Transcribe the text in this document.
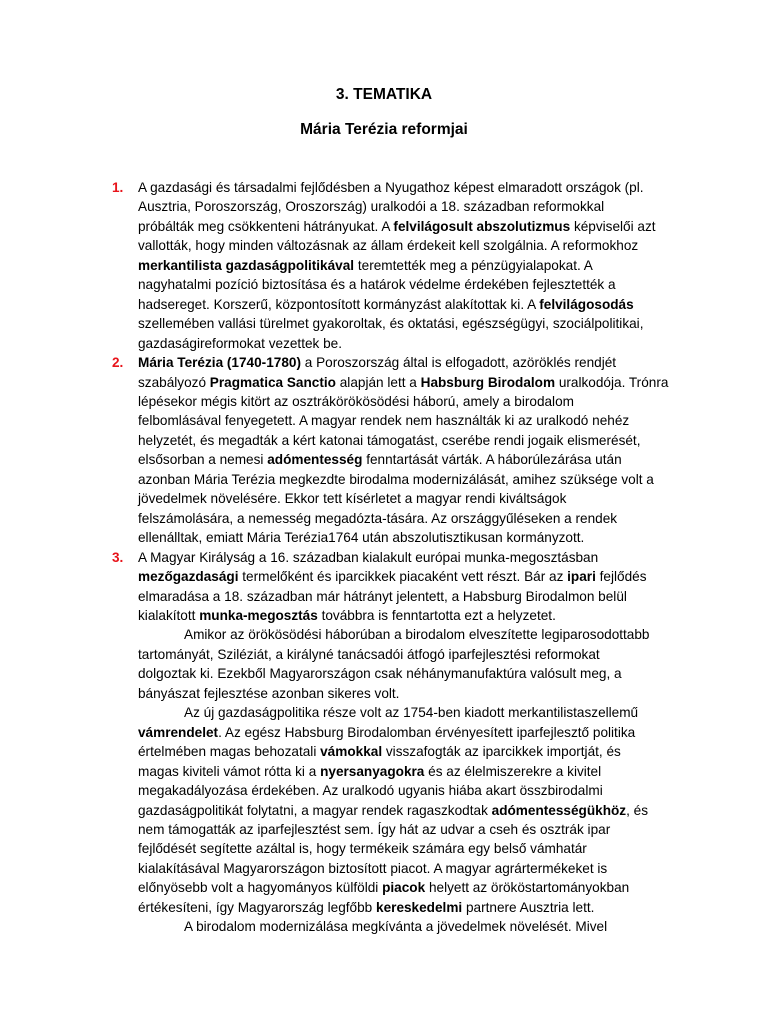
3. TEMATIKA
Mária Terézia reformjai
1. A gazdasági és társadalmi fejlődésben a Nyugathoz képest elmaradott országok (pl.
Ausztria, Poroszország, Oroszország) uralkodói a 18. században reformokkal
próbálták meg csökkenteni hátrányukat. A felvilágosult abszolutizmus képviselői azt
vallották, hogy minden változásnak az állam érdekeit kell szolgálnia. A reformokhoz
merkantilista gazdaságpolitikával teremtették meg a pénzügyialapokat. A
nagyhatalmi pozíció biztosítása és a határok védelme érdekében fejlesztették a
hadsereget. Korszerű, központosított kormányzást alakítottak ki. A felvilágosodás
szellemében vallási türelmet gyakoroltak, és oktatási, egészségügyi, szociálpolitikai,
gazdaságireformokat vezettek be.
2. Mária Terézia (1740-1780) a Poroszország által is elfogadott, azöröklés rendjét
szabályozó Pragmatica Sanctio alapján lett a Habsburg Birodalom uralkodója. Trónra
lépésekor mégis kitört az osztrákörökösödési háború, amely a birodalom
felbomlásával fenyegetett. A magyar rendek nem használták ki az uralkodó nehéz
helyzetét, és megadták a kért katonai támogatást, cserébe rendi jogaik elismerését,
elsősorban a nemesi adómentesség fenntartását várták. A háborúlezárása után
azonban Mária Terézia megkezdte birodalma modernizálását, amihez szüksége volt a
jövedelmek növelésére. Ekkor tett kísérletet a magyar rendi kiváltságok
felszámolására, a nemesség megadózta-tására. Az országgyűléseken a rendek
ellenálltak, emiatt Mária Terézia1764 után abszolutisztikusan kormányzott.
3. A Magyar Királyság a 16. században kialakult európai munka-megosztásban
mezőgazdasági termelőként és iparcikkek piacaként vett részt. Bár az ipari fejlődés
elmaradása a 18. században már hátrányt jelentett, a Habsburg Birodalmon belül
kialakított munka-megosztás továbbra is fenntartotta ezt a helyzetet.
Amikor az örökösödési háborúban a birodalom elveszítette legiparosodottabb
tartományát, Sziléziát, a királyné tanácsadói átfogó iparfejlesztési reformokat
dolgoztak ki. Ezekből Magyarországon csak néhánymanufaktúra valósult meg, a
bányászat fejlesztése azonban sikeres volt.
Az új gazdaságpolitika része volt az 1754-ben kiadott merkantilistaszellemű
vámrendelet. Az egész Habsburg Birodalomban érvényesített iparfejlesztő politika
értelmében magas behozatali vámokkal visszafogták az iparcikkek importját, és
magas kiviteli vámot róttа ki a nyersanyagokra és az élelmiszerekre a kivitel
megakadályozása érdekében. Az uralkodó ugyanis hiába akart összbirodalmi
gazdaságpolitikát folytatni, a magyar rendek ragaszkodtak adómentességükhöz, és
nem támogatták az iparfejlesztést sem. Így hát az udvar a cseh és osztrák ipar
fejlődését segítette azáltal is, hogy termékeik számára egy belső vámhatár
kialakításával Magyarországon biztosított piacot. A magyar agrártermékeket is
előnyösebb volt a hagyományos külföldi piacok helyett az örököstartományokban
értékesíteni, így Magyarország legfőbb kereskedelmi partnere Ausztria lett.
A birodalom modernizálása megkívánta a jövedelmek növelését. Mivel
